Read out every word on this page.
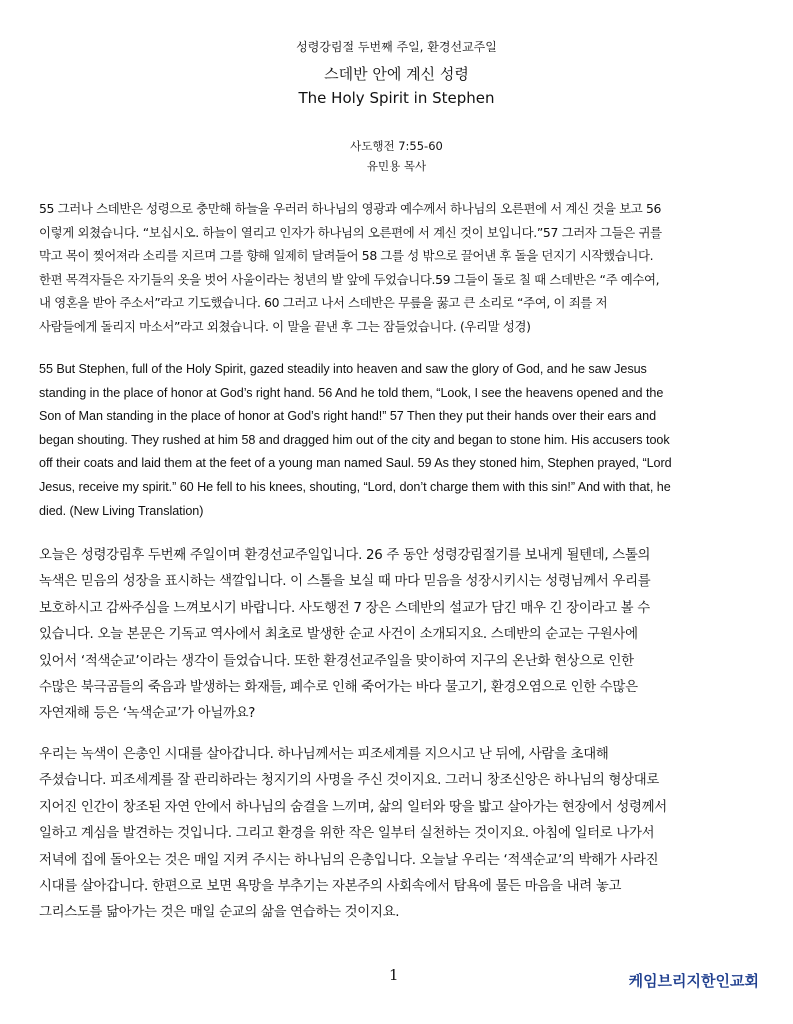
성령강림절 두번째 주일, 환경선교주일
스데반 안에 계신 성령
The Holy Spirit in Stephen
사도행전 7:55-60
유민용 목사
55 그러나 스데반은 성령으로 충만해 하늘을 우러러 하나님의 영광과 예수께서 하나님의 오른편에 서 계신 것을 보고 56
이렇게 외쳤습니다. “보십시오. 하늘이 열리고 인자가 하나님의 오른편에 서 계신 것이 보입니다.”57 그러자 그들은 귀를
막고 목이 찢어져라 소리를 지르며 그를 향해 일제히 달려들어 58 그를 성 밖으로 끌어낸 후 돌을 던지기 시작했습니다.
한편 목격자들은 자기들의 옷을 벗어 사울이라는 청년의 발 앞에 두었습니다.59 그들이 돌로 칠 때 스데반은 “주 예수여,
내 영혼을 받아 주소서”라고 기도했습니다. 60 그러고 나서 스데반은 무릎을 꿇고 큰 소리로 “주여, 이 죄를 저
사람들에게 돌리지 마소서”라고 외쳤습니다. 이 말을 끝낸 후 그는 잠들었습니다. (우리말 성경)
55 But Stephen, full of the Holy Spirit, gazed steadily into heaven and saw the glory of God, and he saw Jesus
standing in the place of honor at God’s right hand. 56 And he told them, “Look, I see the heavens opened and the
Son of Man standing in the place of honor at God’s right hand!” 57 Then they put their hands over their ears and
began shouting. They rushed at him 58 and dragged him out of the city and began to stone him. His accusers took
off their coats and laid them at the feet of a young man named Saul. 59 As they stoned him, Stephen prayed, “Lord
Jesus, receive my spirit.” 60 He fell to his knees, shouting, “Lord, don’t charge them with this sin!” And with that, he
died. (New Living Translation)
오늘은 성령강림후 두번째 주일이며 환경선교주일입니다. 26 주 동안 성령강림절기를 보내게 될텐데, 스톨의
녹색은 믿음의 성장을 표시하는 색깔입니다. 이 스톨을 보실 때 마다 믿음을 성장시키시는 성령님께서 우리를
보호하시고 감싸주심을 느껴보시기 바랍니다. 사도행전 7 장은 스데반의 설교가 담긴 매우 긴 장이라고 볼 수
있습니다. 오늘 본문은 기독교 역사에서 최초로 발생한 순교 사건이 소개되지요. 스데반의 순교는 구원사에
있어서 ‘적색순교’이라는 생각이 들었습니다. 또한 환경선교주일을 맞이하여 지구의 온난화 현상으로 인한
수많은 북극곰들의 죽음과 발생하는 화재들, 폐수로 인해 죽어가는 바다 물고기, 환경오염으로 인한 수많은
자연재해 등은 ‘녹색순교’가 아닐까요?
우리는 녹색이 은총인 시대를 살아갑니다. 하나님께서는 피조세계를 지으시고 난 뒤에, 사람을 초대해
주셨습니다. 피조세계를 잘 관리하라는 청지기의 사명을 주신 것이지요. 그러니 창조신앙은 하나님의 형상대로
지어진 인간이 창조된 자연 안에서 하나님의 숨결을 느끼며, 삶의 일터와 땅을 밟고 살아가는 현장에서 성령께서
일하고 계심을 발견하는 것입니다. 그리고 환경을 위한 작은 일부터 실천하는 것이지요. 아침에 일터로 나가서
저녁에 집에 돌아오는 것은 매일 지켜 주시는 하나님의 은총입니다. 오늘날 우리는 ‘적색순교’의 박해가 사라진
시대를 살아갑니다. 한편으로 보면 욕망을 부추기는 자본주의 사회속에서 탐욕에 물든 마음을 내려 놓고
그리스도를 닮아가는 것은 매일 순교의 삶을 연습하는 것이지요.
1	케임브리지한인교회
